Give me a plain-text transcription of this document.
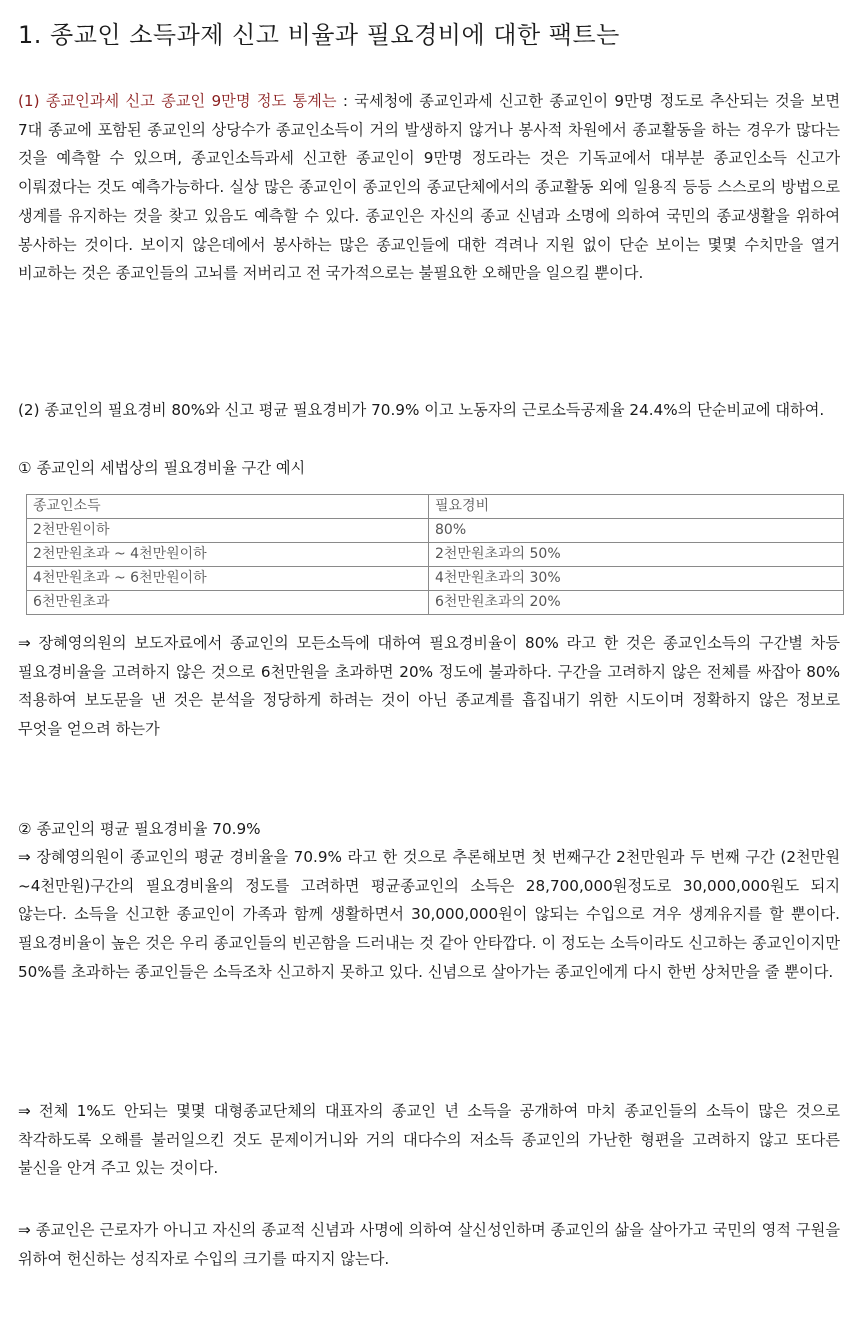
1. 종교인 소득과제 신고 비율과 필요경비에 대한 팩트는

(1) 종교인과세 신고 종교인 9만명 정도 통계는 : 국세청에 종교인과세 신고한 종교인이 9만명 정도로 추산되는 것을 보면 7대 종교에 포함된 종교인의 상당수가 종교인소득이 거의 발생하지 않거나 봉사적 차원에서 종교활동을 하는 경우가 많다는 것을 예측할 수 있으며, 종교인소득과세 신고한 종교인이 9만명 정도라는 것은 기독교에서 대부분 종교인소득 신고가 이뤄졌다는 것도 예측가능하다. 실상 많은 종교인이 종교인의 종교단체에서의 종교활동 외에 일용직 등등 스스로의 방법으로 생계를 유지하는 것을 찾고 있음도 예측할 수 있다. 종교인은 자신의 종교 신념과 소명에 의하여 국민의 종교생활을 위하여 봉사하는 것이다. 보이지 않은데에서 봉사하는 많은 종교인들에 대한 격려나 지원 없이 단순 보이는 몇몇 수치만을 열거 비교하는 것은 종교인들의 고뇌를 저버리고 전 국가적으로는 불필요한 오해만을 일으킬 뿐이다.

(2) 종교인의 필요경비 80%와 신고 평균 필요경비가 70.9% 이고 노동자의 근로소득공제율 24.4%의 단순비교에 대하여.

① 종교인의 세법상의 필요경비율 구간 예시

종교인소득	필요경비
2천만원이하	80%
2천만원초과 ~ 4천만원이하	2천만원초과의 50%
4천만원초과 ~ 6천만원이하	4천만원초과의 30%
6천만원초과	6천만원초과의 20%

⇒ 장혜영의원의 보도자료에서 종교인의 모든소득에 대하여 필요경비율이 80% 라고 한 것은 종교인소득의 구간별 차등 필요경비율을 고려하지 않은 것으로 6천만원을 초과하면 20% 정도에 불과하다. 구간을 고려하지 않은 전체를 싸잡아 80% 적용하여 보도문을 낸 것은 분석을 정당하게 하려는 것이 아닌 종교계를 흡집내기 위한 시도이며 정확하지 않은 정보로 무엇을 얻으려 하는가

② 종교인의 평균 필요경비율 70.9%

⇒ 장혜영의원이 종교인의 평균 경비율을 70.9% 라고 한 것으로 추론해보면 첫 번째구간 2천만원과 두 번째 구간 (2천만원~4천만원)구간의 필요경비율의 정도를 고려하면 평균종교인의 소득은 28,700,000원정도로 30,000,000원도 되지 않는다. 소득을 신고한 종교인이 가족과 함께 생활하면서 30,000,000원이 않되는 수입으로 겨우 생계유지를 할 뿐이다. 필요경비율이 높은 것은 우리 종교인들의 빈곤함을 드러내는 것 같아 안타깝다. 이 정도는 소득이라도 신고하는 종교인이지만 50%를 초과하는 종교인들은 소득조차 신고하지 못하고 있다. 신념으로 살아가는 종교인에게 다시 한번 상처만을 줄 뿐이다.

⇒ 전체 1%도 안되는 몇몇 대형종교단체의 대표자의 종교인 년 소득을 공개하여 마치 종교인들의 소득이 많은 것으로 착각하도록 오해를 불러일으킨 것도 문제이거니와 거의 대다수의 저소득 종교인의 가난한 형편을 고려하지 않고 또다른 불신을 안겨 주고 있는 것이다.

⇒ 종교인은 근로자가 아니고 자신의 종교적 신념과 사명에 의하여 살신성인하며 종교인의 삶을 살아가고 국민의 영적 구원을 위하여 헌신하는 성직자로 수입의 크기를 따지지 않는다.
